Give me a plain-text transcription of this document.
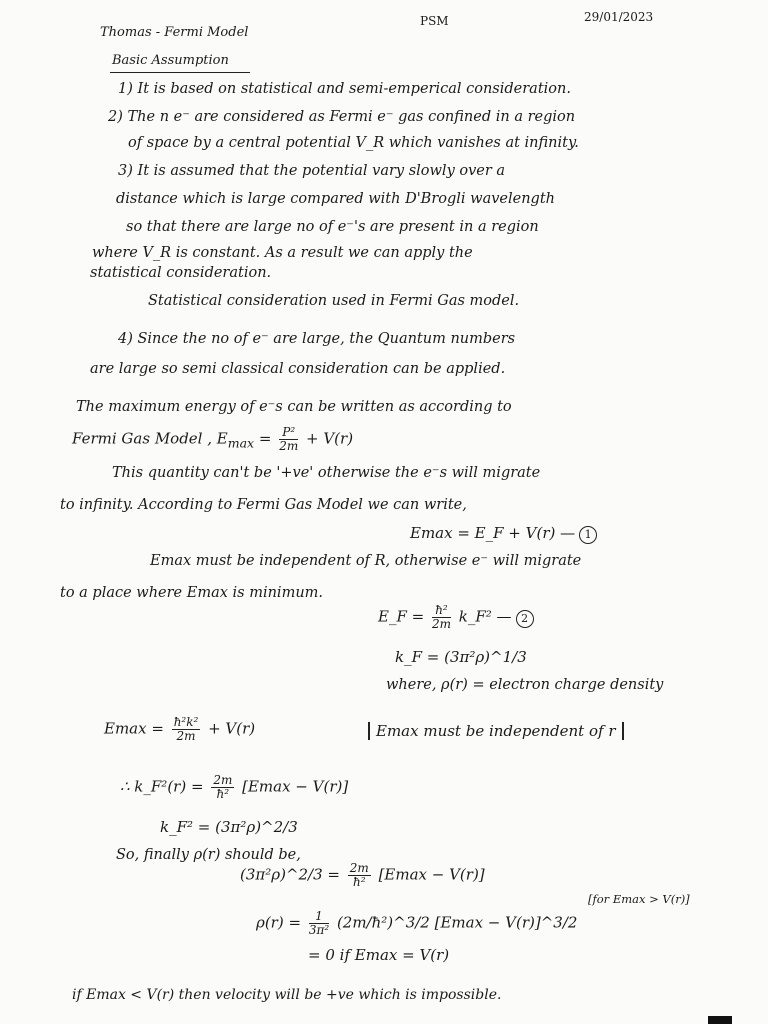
Thomas - Fermi Model
PSM	29/01/2023
Basic Assumption
1) It is based on statistical and semi-emperical consideration.
2) The n e⁻ are considered as Fermi e⁻ gas confined in a region
of space by a central potential V_R which vanishes at infinity.
3) It is assumed that the potential vary slowly over a
distance which is large compared with D'Brogli wavelength
so that there are large no of e⁻'s are present in a region
where V_R is constant. As a result we can apply the
statistical consideration.
Statistical consideration used in Fermi Gas model.
4) Since the no of e⁻ are large, the Quantum numbers
are large so semi classical consideration can be applied.
The maximum energy of e⁻s can be written as according to
Fermi Gas Model , $E_{max} = \frac{\text{P²}}{2m} + V(r)$
This quantity can't be '+ve' otherwise the e⁻s will migrate
to infinity. According to Fermi Gas Model we can write,
Emax = E_F + V(r) — 1
Emax must be independent of R, otherwise e⁻ will migrate
to a place where Emax is minimum.
E_F = $\frac{\text{ħ²}}{2m}$ k_F² — 2
k_F = (3π²ρ)^1/3
where, ρ(r) = electron charge density
$Emax = \frac{\text{ħ²k²}}{2m} + V(r)$	Emax must be independent of r
∴ k_F²(r) = $\frac{2m}{\text{ħ²}} [Emax - V(r)]$
k_F² = (3π²ρ)^2/3
So, finally ρ(r) should be,
(3π²ρ)^2/3 = $\frac{2m}{\text{ħ²}} [Emax - V(r)]$
$\rho(r) = \frac{1}{\text{3π²}}$ (2m/ħ²)^3/2 [Emax − V(r)]^3/2
[for Emax > V(r)]
= 0 if Emax = V(r)
if Emax < V(r) then velocity will be +ve which is impossible.
